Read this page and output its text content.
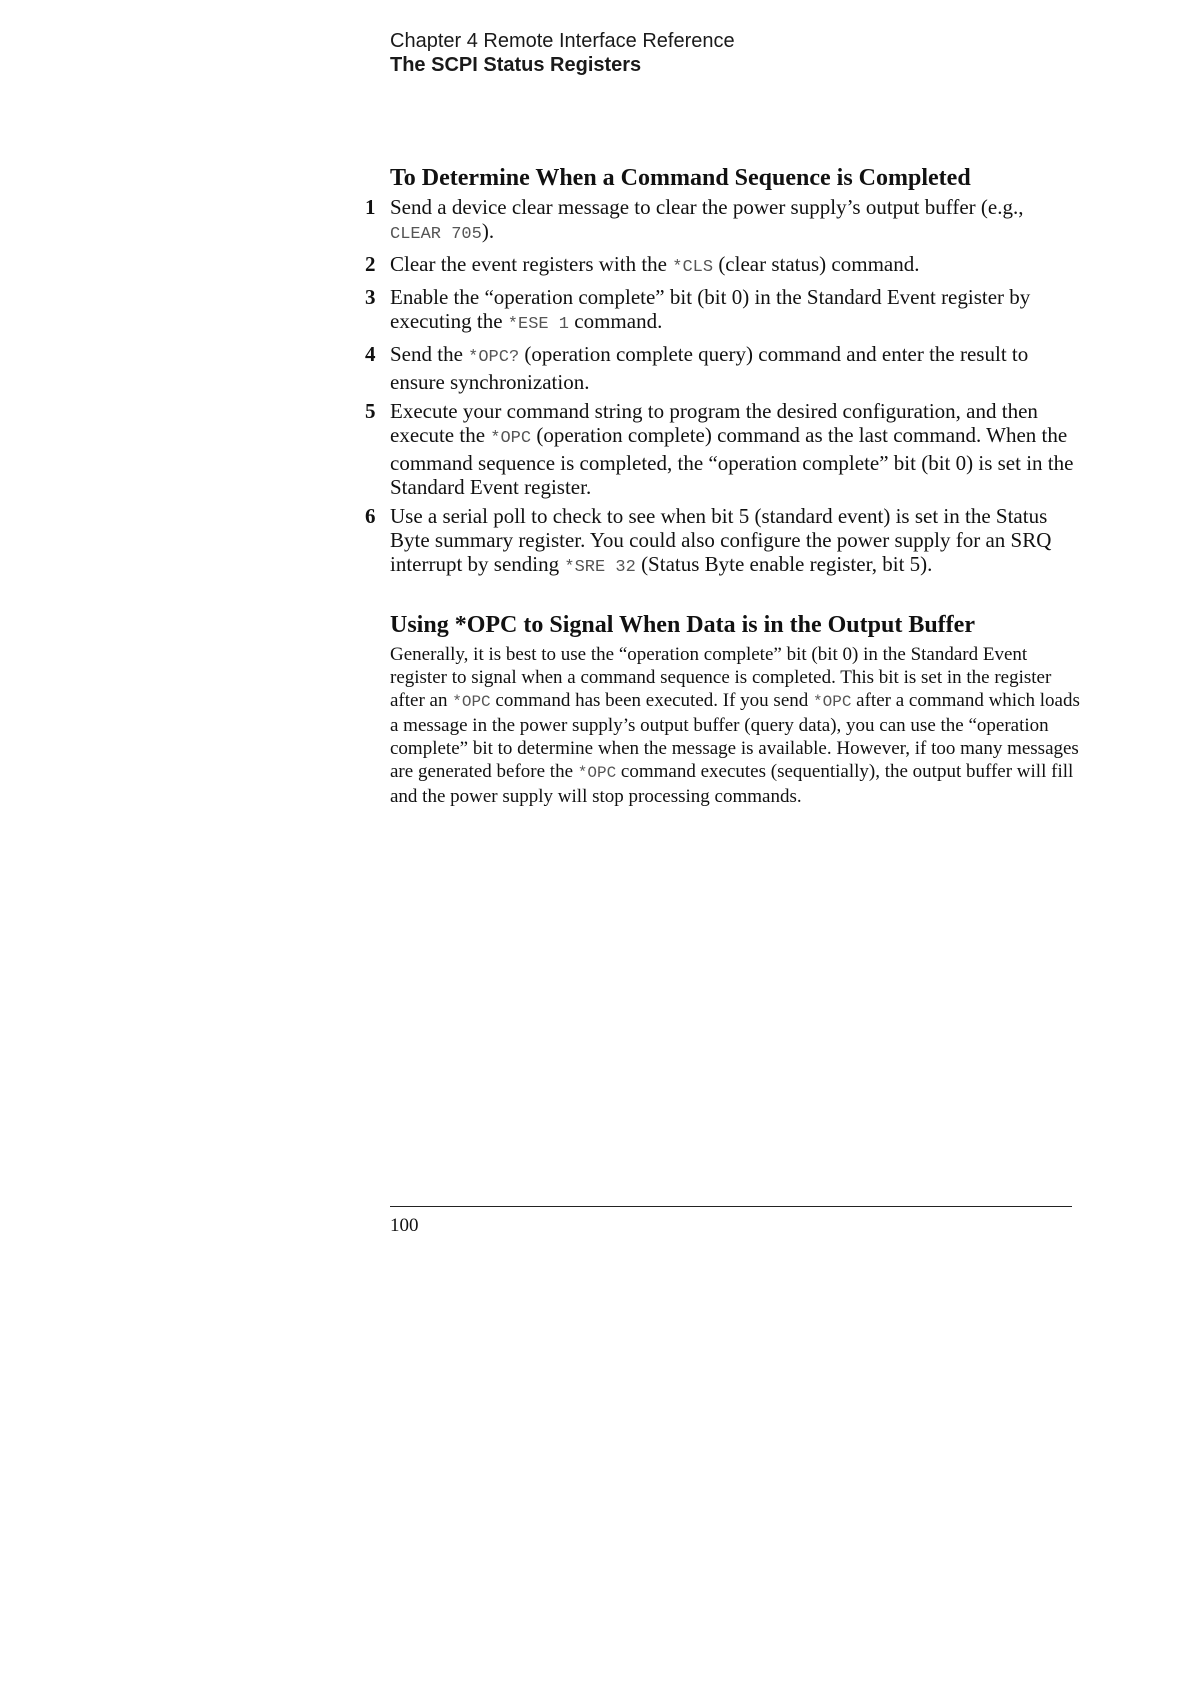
Chapter 4 Remote Interface Reference
The SCPI Status Registers
To Determine When a Command Sequence is Completed
1 Send a device clear message to clear the power supply’s output buffer (e.g., CLEAR 705).
2 Clear the event registers with the *CLS (clear status) command.
3 Enable the “operation complete” bit (bit 0) in the Standard Event register by executing the *ESE 1 command.
4 Send the *OPC? (operation complete query) command and enter the result to ensure synchronization.
5 Execute your command string to program the desired configuration, and then execute the *OPC (operation complete) command as the last command. When the command sequence is completed, the “operation complete” bit (bit 0) is set in the Standard Event register.
6 Use a serial poll to check to see when bit 5 (standard event) is set in the Status Byte summary register. You could also configure the power supply for an SRQ interrupt by sending *SRE 32 (Status Byte enable register, bit 5).
Using *OPC to Signal When Data is in the Output Buffer

Generally, it is best to use the “operation complete” bit (bit 0) in the Standard Event register to signal when a command sequence is completed. This bit is set in the register after an *OPC command has been executed. If you send *OPC after a command which loads a message in the power supply’s output buffer (query data), you can use the “operation complete” bit to determine when the message is available. However, if too many messages are generated before the *OPC command executes (sequentially), the output buffer will fill and the power supply will stop processing commands.

100
